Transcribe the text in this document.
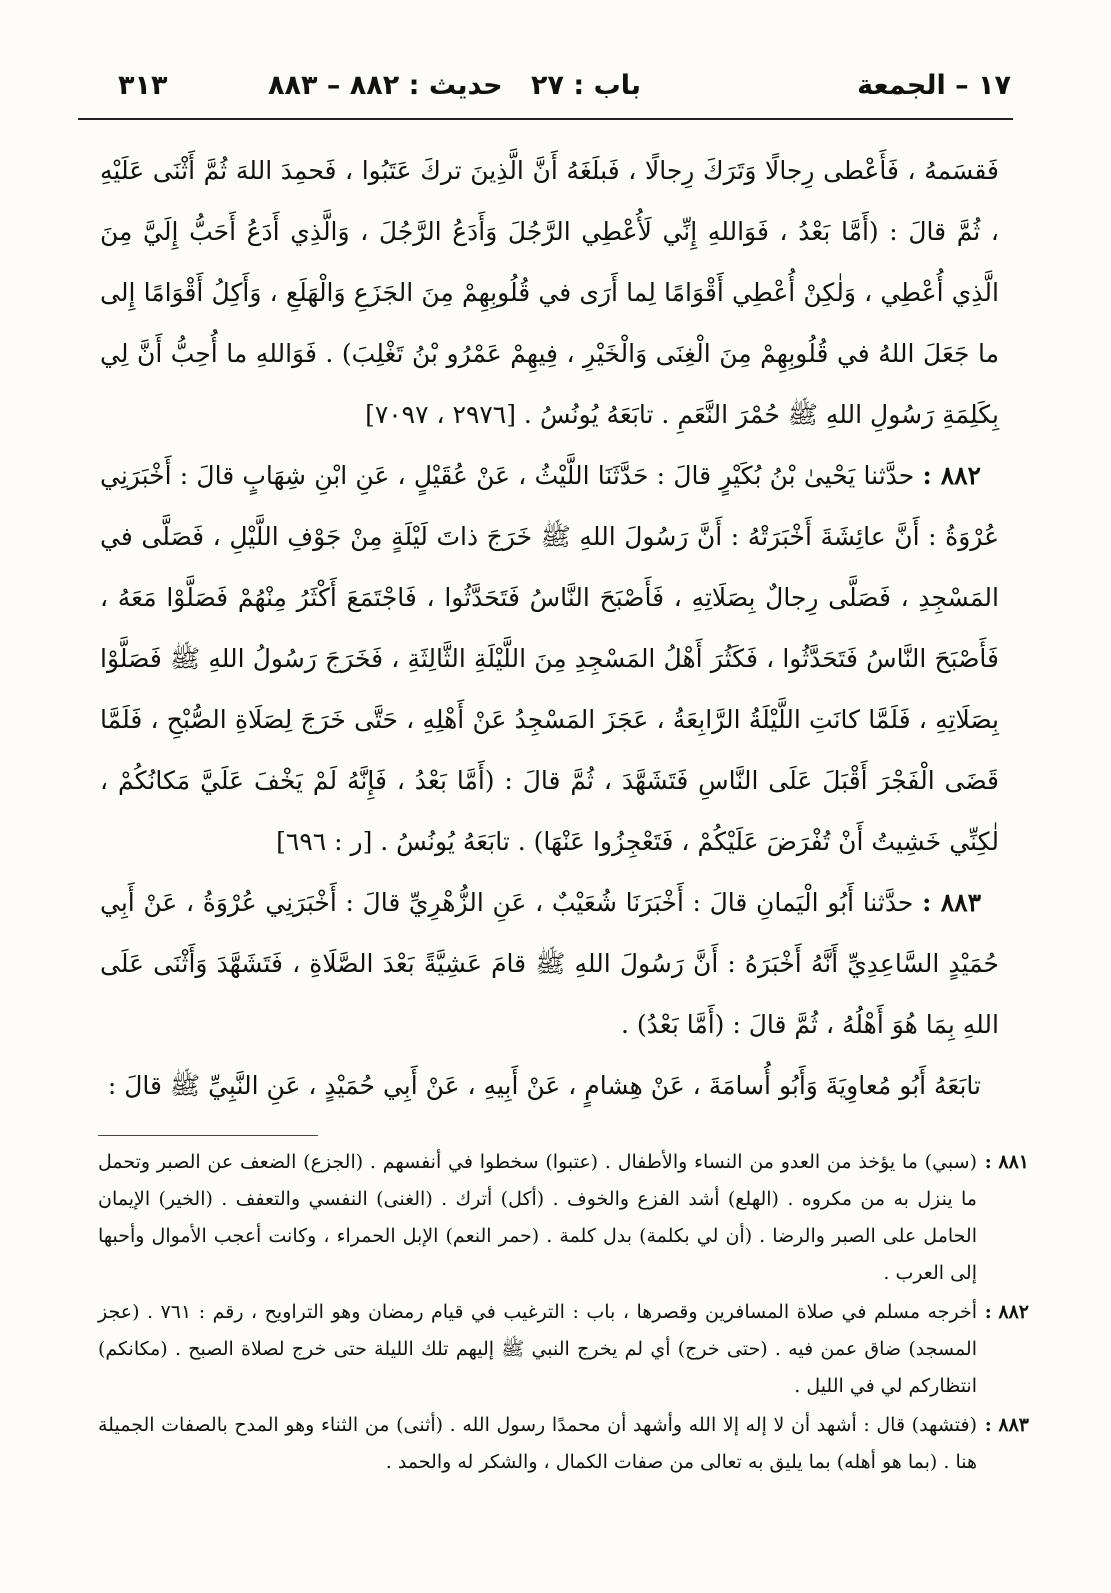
١٧ – الجمعة
باب : ٢٧
حديث : ٨٨٢ – ٨٨٣
٣١٣

فَقسَمهُ ، فَأَعْطى رِجالًا وَتَرَكَ رِجالًا ، فَبلَغَهُ أَنَّ الَّذِينَ تركَ عَتَبُوا ، فَحمِدَ اللهَ ثُمَّ أَثْنَى عَلَيْهِ ، ثُمَّ قالَ : (أَمَّا بَعْدُ ، فَوَاللهِ إِنِّي لَأُعْطِي الرَّجُلَ وَأَدَعُ الرَّجُلَ ، وَالَّذِي أَدَعُ أَحَبُّ إِلَيَّ مِنَ الَّذِي أُعْطِي ، وَلٰكِنْ أُعْطِي أَقْوَامًا لِما أَرَى في قُلُوبِهِمْ مِنَ الجَزَعِ وَالْهَلَعِ ، وَأَكِلُ أَقْوَامًا إِلى ما جَعَلَ اللهُ في قُلُوبِهِمْ مِنَ الْغِنَى وَالْخَيْرِ ، فِيهِمْ عَمْرُو بْنُ تَغْلِبَ) . فَوَاللهِ ما أُحِبُّ أَنَّ لِي بِكَلِمَةِ رَسُولِ اللهِ ﷺ حُمْرَ النَّعَمِ . تابَعَهُ يُونُسُ . [٢٩٧٦ ، ٧٠٩٧]

٨٨٢ : حدَّثنا يَحْيىٰ بْنُ بُكَيْرٍ قالَ : حَدَّثَنَا اللَّيْثُ ، عَنْ عُقَيْلٍ ، عَنِ ابْنِ شِهَابٍ قالَ : أَخْبَرَنِي عُرْوَةُ : أَنَّ عائِشَةَ أَخْبَرَتْهُ : أَنَّ رَسُولَ اللهِ ﷺ خَرَجَ ذاتَ لَيْلَةٍ مِنْ جَوْفِ اللَّيْلِ ، فَصَلَّى في المَسْجِدِ ، فَصَلَّى رِجالٌ بِصَلَاتِهِ ، فَأَصْبَحَ النَّاسُ فَتَحَدَّثُوا ، فَاجْتَمَعَ أَكْثَرُ مِنْهُمْ فَصَلَّوْا مَعَهُ ، فَأَصْبَحَ النَّاسُ فَتَحَدَّثُوا ، فَكَثُرَ أَهْلُ المَسْجِدِ مِنَ اللَّيْلَةِ الثَّالِثَةِ ، فَخَرَجَ رَسُولُ اللهِ ﷺ فَصَلَّوْا بِصَلَاتِهِ ، فَلَمَّا كانَتِ اللَّيْلَةُ الرَّابِعَةُ ، عَجَزَ المَسْجِدُ عَنْ أَهْلِهِ ، حَتَّى خَرَجَ لِصَلَاةِ الصُّبْحِ ، فَلَمَّا قَضَى الْفَجْرَ أَقْبَلَ عَلَى النَّاسِ فَتَشَهَّدَ ، ثُمَّ قالَ : (أَمَّا بَعْدُ ، فَإِنَّهُ لَمْ يَخْفَ عَلَيَّ مَكانُكُمْ ، لٰكِنِّي خَشِيتُ أَنْ تُفْرَضَ عَلَيْكُمْ ، فَتَعْجِزُوا عَنْهَا) . تابَعَهُ يُونُسُ . [ر : ٦٩٦]

٨٨٣ : حدَّثنا أَبُو الْيَمانِ قالَ : أَخْبَرَنَا شُعَيْبٌ ، عَنِ الزُّهْرِيِّ قالَ : أَخْبَرَنِي عُرْوَةُ ، عَنْ أَبِي حُمَيْدٍ السَّاعِدِيِّ أَنَّهُ أَخْبَرَهُ : أَنَّ رَسُولَ اللهِ ﷺ قامَ عَشِيَّةً بَعْدَ الصَّلَاةِ ، فَتَشَهَّدَ وَأَثْنَى عَلَى اللهِ بِمَا هُوَ أَهْلُهُ ، ثُمَّ قالَ : (أَمَّا بَعْدُ) .

تابَعَهُ أَبُو مُعاوِيَةَ وَأَبُو أُسامَةَ ، عَنْ هِشامٍ ، عَنْ أَبِيهِ ، عَنْ أَبِي حُمَيْدٍ ، عَنِ النَّبِيِّ ﷺ قالَ :

٨٨١ :
(سبي) ما يؤخذ من العدو من النساء والأطفال . (عتبوا) سخطوا في أنفسهم . (الجزع) الضعف عن الصبر وتحمل ما ينزل به من مكروه . (الهلع) أشد الفزع والخوف . (أكل) أترك . (الغنى) النفسي والتعفف . (الخير) الإيمان الحامل على الصبر والرضا . (أن لي بكلمة) بدل كلمة . (حمر النعم) الإبل الحمراء ، وكانت أعجب الأموال وأحبها إلى العرب .

٨٨٢ :
أخرجه مسلم في صلاة المسافرين وقصرها ، باب : الترغيب في قيام رمضان وهو التراويح ، رقم : ٧٦١ . (عجز المسجد) ضاق عمن فيه . (حتى خرج) أي لم يخرج النبي ﷺ إليهم تلك الليلة حتى خرج لصلاة الصبح . (مكانكم) انتظاركم لي في الليل .

٨٨٣ :
(فتشهد) قال : أشهد أن لا إله إلا الله وأشهد أن محمدًا رسول الله . (أثنى) من الثناء وهو المدح بالصفات الجميلة هنا . (بما هو أهله) بما يليق به تعالى من صفات الكمال ، والشكر له والحمد .
